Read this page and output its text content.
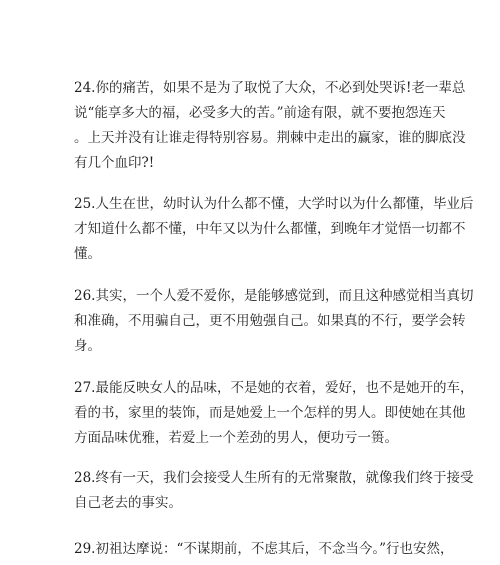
24.你的痛苦，如果不是为了取悦了大众，不必到处哭诉!老一辈总
说“能享多大的福，必受多大的苦。”前途有限，就不要抱怨连天
。上天并没有让谁走得特别容易。荆棘中走出的赢家，谁的脚底没
有几个血印?!
25.人生在世，幼时认为什么都不懂，大学时以为什么都懂，毕业后
才知道什么都不懂，中年又以为什么都懂，到晚年才觉悟一切都不
懂。
26.其实，一个人爱不爱你，是能够感觉到，而且这种感觉相当真切
和准确，不用骗自己，更不用勉强自己。如果真的不行，要学会转
身。
27.最能反映女人的品味，不是她的衣着，爱好，也不是她开的车，
看的书，家里的装饰，而是她爱上一个怎样的男人。即使她在其他
方面品味优雅，若爱上一个差劲的男人，便功亏一篑。
28.终有一天，我们会接受人生所有的无常聚散，就像我们终于接受
自己老去的事实。
29.初祖达摩说：“不谋期前，不虑其后，不念当今。”行也安然，
